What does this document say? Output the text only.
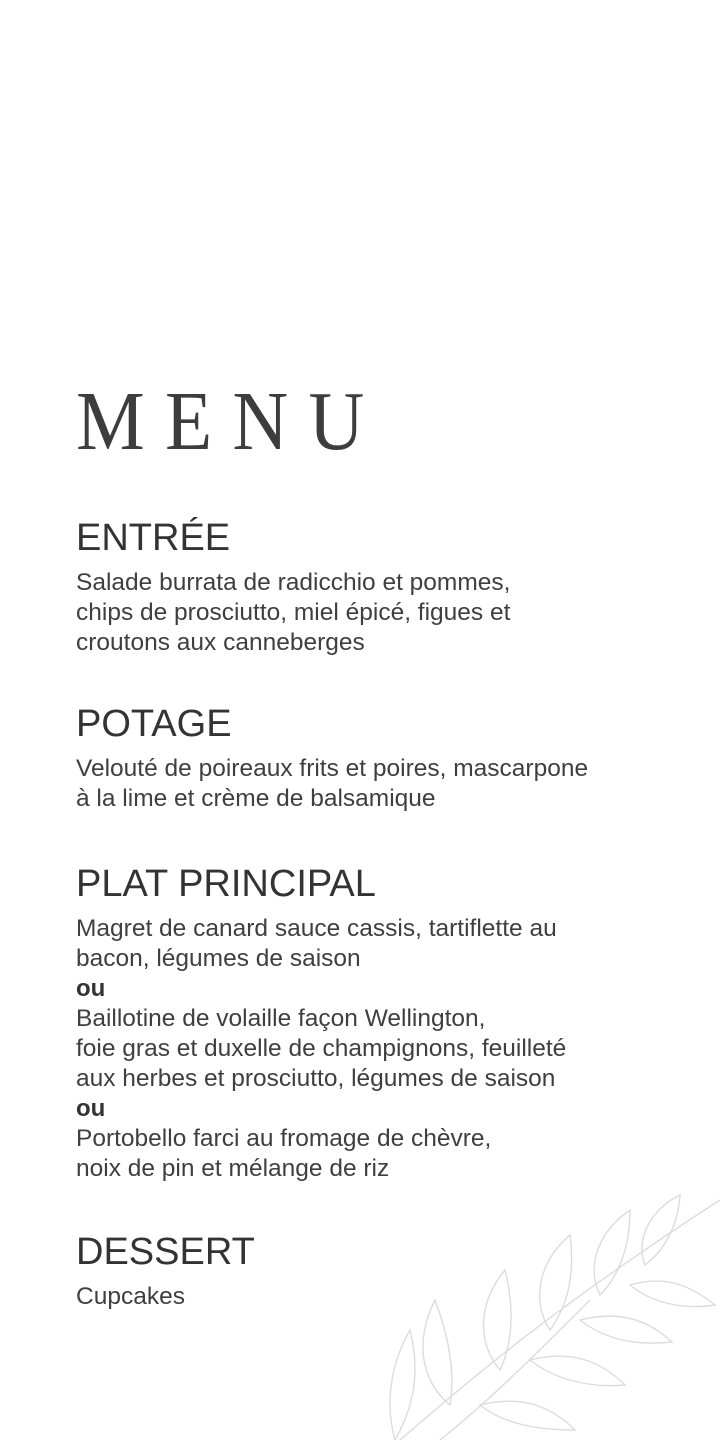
MENU
ENTRÉE

Salade burrata de radicchio et pommes,
chips de prosciutto, miel épicé, figues et
croutons aux canneberges

POTAGE

Velouté de poireaux frits et poires, mascarpone
à la lime et crème de balsamique

PLAT PRINCIPAL

Magret de canard sauce cassis, tartiflette au
bacon, légumes de saison
ou
Baillotine de volaille façon Wellington,
foie gras et duxelle de champignons, feuilleté
aux herbes et prosciutto, légumes de saison
ou
Portobello farci au fromage de chèvre,
noix de pin et mélange de riz

DESSERT

Cupcakes
